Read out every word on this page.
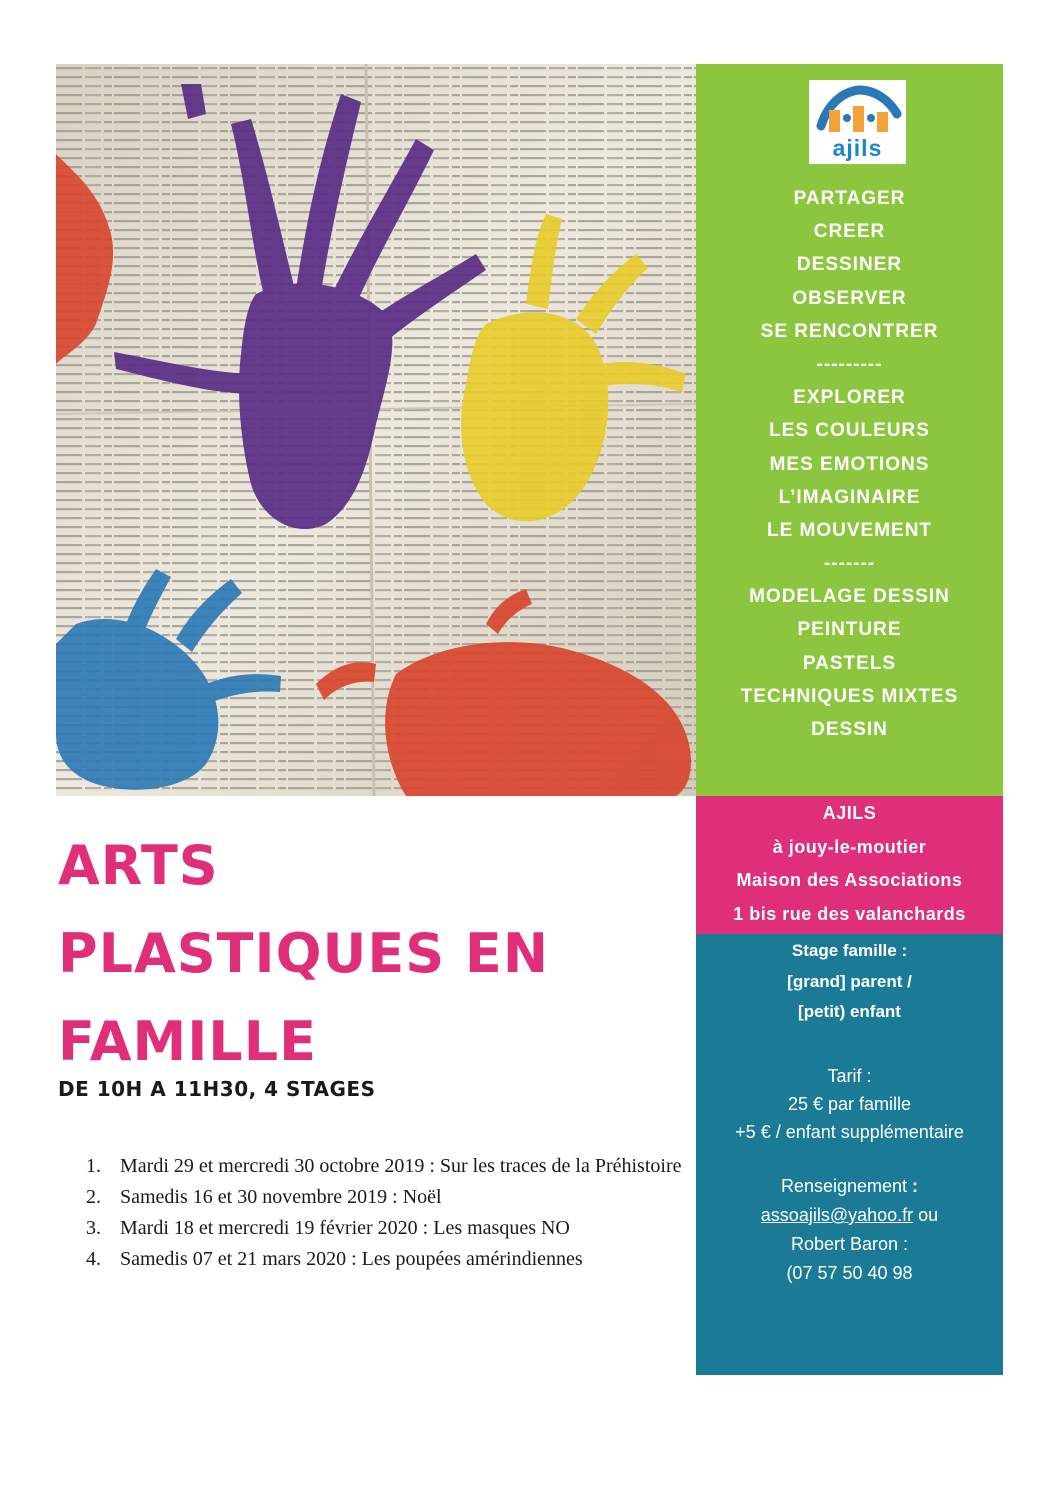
ajils
PARTAGER
CREER
DESSINER
OBSERVER
SE RENCONTRER
---------
EXPLORER
LES COULEURS
MES EMOTIONS
L’IMAGINAIRE
LE MOUVEMENT
-------
MODELAGE DESSIN
PEINTURE
PASTELS
TECHNIQUES MIXTES
DESSIN
AJILS
à jouy-le-moutier
Maison des Associations
1 bis rue des valanchards
Stage famille :
[grand] parent /
[petit) enfant
Tarif :
25 € par famille
+5 € / enfant supplémentaire
Renseignement :
assoajils@yahoo.fr ou
Robert Baron :
(07 57 50 40 98
ARTS
PLASTIQUES EN
FAMILLE
DE 10H A 11H30, 4 STAGES
1. Mardi 29 et mercredi 30 octobre 2019 : Sur les traces de la Préhistoire
2. Samedis 16 et 30 novembre 2019 : Noël
3. Mardi 18 et mercredi 19 février 2020 : Les masques NO
4. Samedis 07 et 21 mars 2020 : Les poupées amérindiennes
